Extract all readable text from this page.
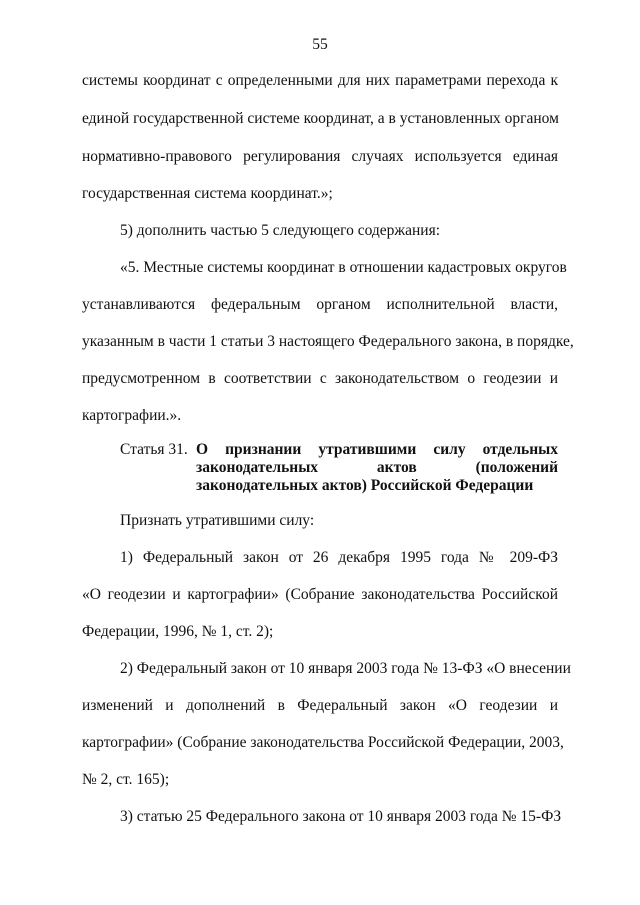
55
системы координат с определенными для них параметрами перехода к
единой государственной системе координат, а в установленных органом
нормативно-правового регулирования случаях используется единая
государственная система координат.»;
5) дополнить частью 5 следующего содержания:
«5. Местные системы координат в отношении кадастровых округов
устанавливаются федеральным органом исполнительной власти,
указанным в части 1 статьи 3 настоящего Федерального закона, в порядке,
предусмотренном в соответствии с законодательством о геодезии и
картографии.».
Статья 31. О признании утратившими силу отдельных
законодательных актов (положений
законодательных актов) Российской Федерации
Признать утратившими силу:
1) Федеральный закон от 26 декабря 1995 года № 209-ФЗ
«О геодезии и картографии» (Собрание законодательства Российской
Федерации, 1996, № 1, ст. 2);
2) Федеральный закон от 10 января 2003 года № 13-ФЗ «О внесении
изменений и дополнений в Федеральный закон «О геодезии и
картографии» (Собрание законодательства Российской Федерации, 2003,
№ 2, ст. 165);
3) статью 25 Федерального закона от 10 января 2003 года № 15-ФЗ
